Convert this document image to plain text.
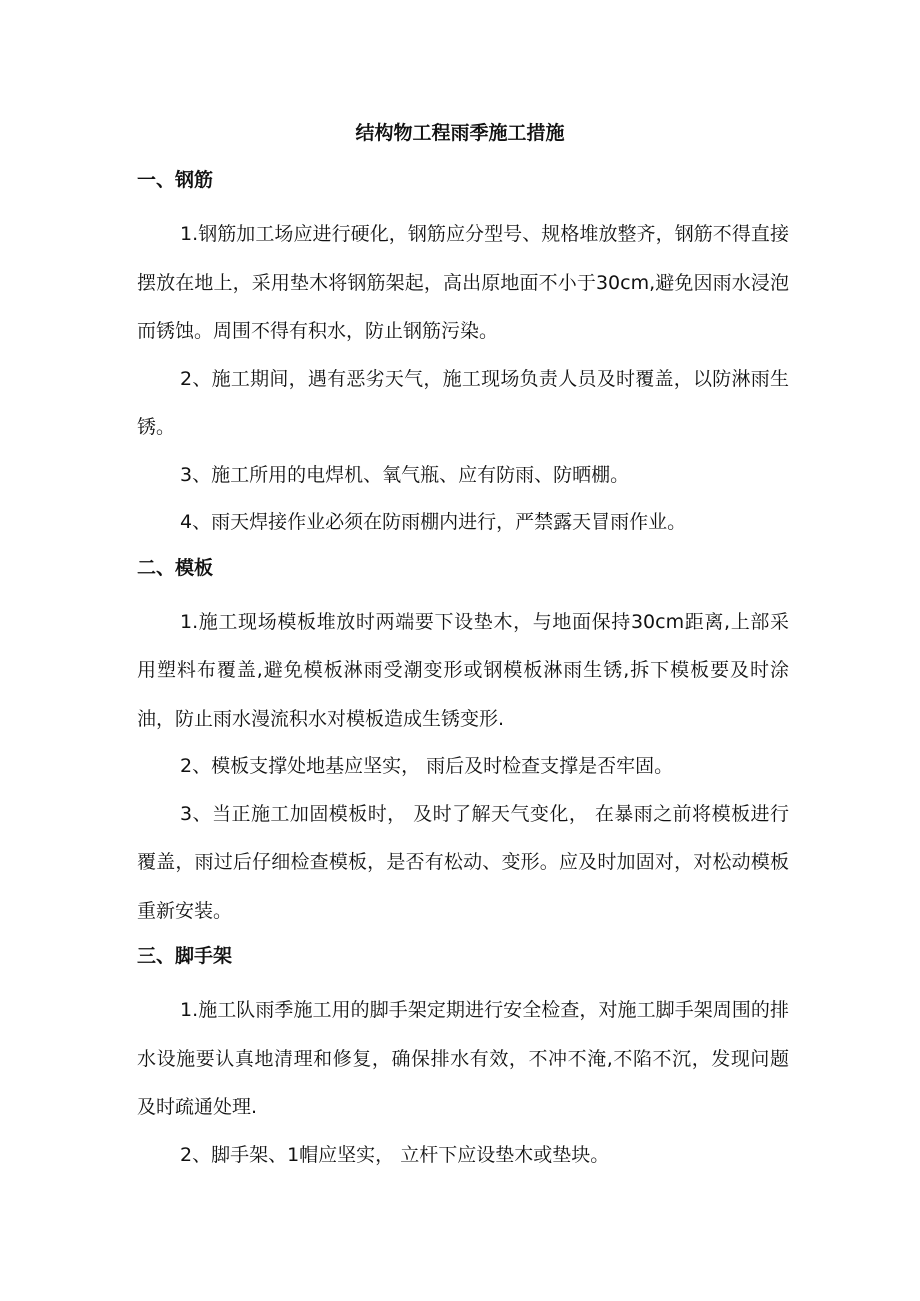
结构物工程雨季施工措施
一、钢筋

1.钢筋加工场应进行硬化，钢筋应分型号、规格堆放整齐，钢筋不得直接摆放在地上，采用垫木将钢筋架起，高出原地面不小于30cm,避免因雨水浸泡而锈蚀。周围不得有积水，防止钢筋污染。

2、施工期间，遇有恶劣天气，施工现场负责人员及时覆盖，以防淋雨生锈。

3、施工所用的电焊机、氧气瓶、应有防雨、防晒棚。

4、雨天焊接作业必须在防雨棚内进行，严禁露天冒雨作业。

二、模板

1.施工现场模板堆放时两端要下设垫木，与地面保持30cm距离,上部采用塑料布覆盖,避免模板淋雨受潮变形或钢模板淋雨生锈,拆下模板要及时涂油，防止雨水漫流积水对模板造成生锈变形.

2、模板支撑处地基应坚实， 雨后及时检查支撑是否牢固。

3、当正施工加固模板时， 及时了解天气变化， 在暴雨之前将模板进行覆盖，雨过后仔细检查模板，是否有松动、变形。应及时加固对，对松动模板重新安装。

三、脚手架

1.施工队雨季施工用的脚手架定期进行安全检查，对施工脚手架周围的排水设施要认真地清理和修复，确保排水有效，不冲不淹,不陷不沉，发现问题及时疏通处理.

2、脚手架、1帽应坚实， 立杆下应设垫木或垫块。
